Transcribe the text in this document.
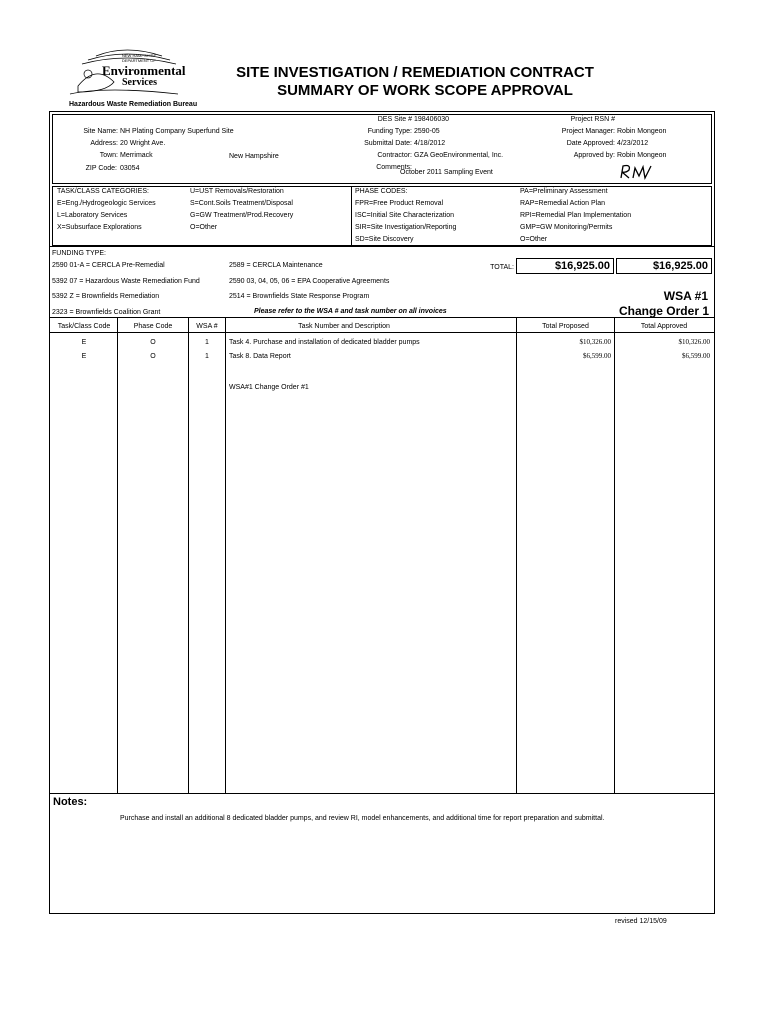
NEW HAMPSHIRE
DEPARTMENT OF
Environmental
Services
Hazardous Waste Remediation Bureau
SITE INVESTIGATION / REMEDIATION CONTRACT
SUMMARY OF WORK SCOPE APPROVAL
Site Name: NH Plating Company Superfund Site
Address: 20 Wright Ave.
Town: Merrimack	New Hampshire
ZIP Code: 03054
DES Site # 198406030
Funding Type: 2590-05
Submittal Date: 4/18/2012
Contractor: GZA GeoEnvironmental, Inc.
Comments:
October 2011 Sampling Event
Project RSN #
Project Manager: Robin Mongeon
Date Approved: 4/23/2012
Approved by: Robin Mongeon
TASK/CLASS CATEGORIES:
E=Eng./Hydrogeologic Services
L=Laboratory Services
X=Subsurface Explorations
U=UST Removals/Restoration
S=Cont.Soils Treatment/Disposal
G=GW Treatment/Prod.Recovery
O=Other
PHASE CODES:
FPR=Free Product Removal
ISC=Initial Site Characterization
SIR=Site Investigation/Reporting
SD=Site Discovery
PA=Preliminary Assessment
RAP=Remedial Action Plan
RPI=Remedial Plan Implementation
GMP=GW Monitoring/Permits
O=Other
FUNDING TYPE:
2590 01-A = CERCLA Pre-Remedial
5392 07 = Hazardous Waste Remediation Fund
5392 Z = Brownfields Remediation
2323 = Brownfields Coalition Grant
2589 = CERCLA Maintenance
2590 03, 04, 05, 06 = EPA Cooperative Agreements
2514 = Brownfields State Response Program
TOTAL:	$16,925.00	$16,925.00
WSA #1
Change Order 1
Please refer to the WSA # and task number on all invoices
Task/Class Code	Phase Code	WSA #	Task Number and Description	Total Proposed	Total Approved
E	O	1	Task 4. Purchase and installation of dedicated bladder pumps	$10,326.00	$10,326.00
E	O	1	Task 8. Data Report	$6,599.00	$6,599.00
WSA#1 Change Order #1
Notes:
Purchase and install an additional 8 dedicated bladder pumps, and review RI, model enhancements, and additional time for report preparation and submittal.
revised 12/15/09
